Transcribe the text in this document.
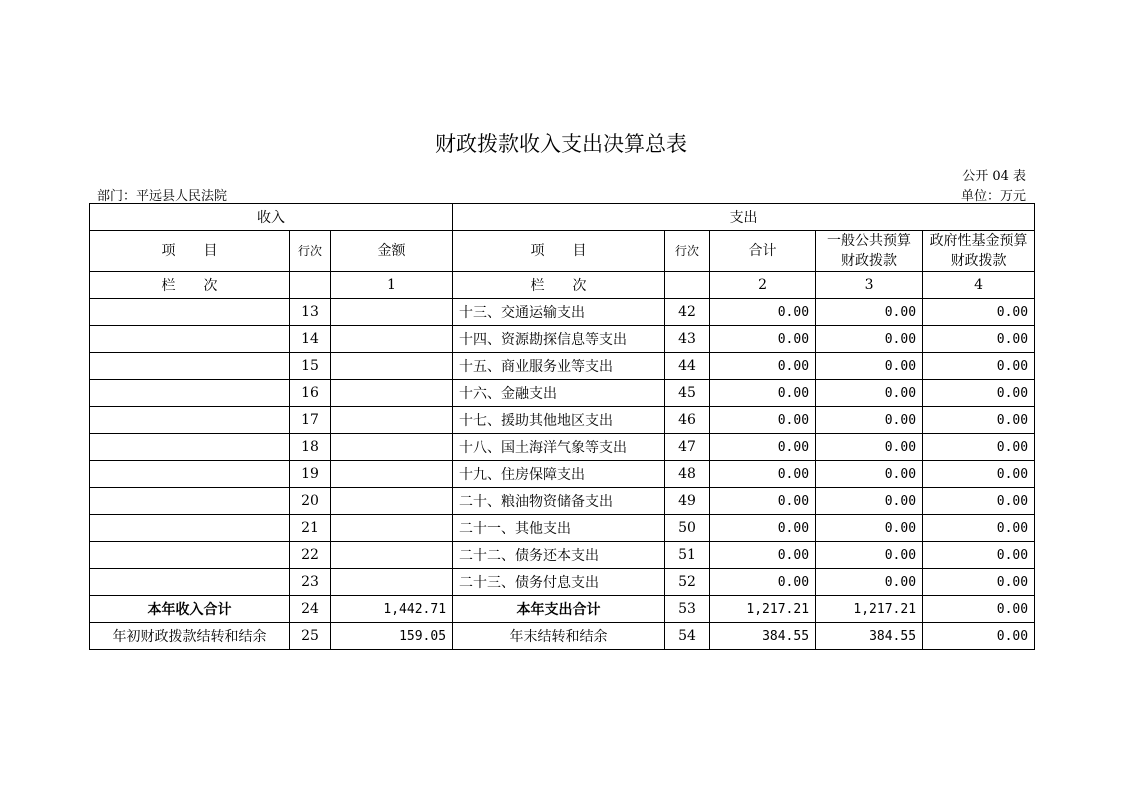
财政拨款收入支出决算总表
公开 04 表
部门：平远县人民法院	单位：万元
收入			支出				
项　　目	行次	金额	项　　目	行次	合计	一般公共预算财政拨款	政府性基金预算财政拨款
栏　　次		1	栏　　次		2	3	4
	13		十三、交通运输支出	42	0.00	0.00	0.00
	14		十四、资源勘探信息等支出	43	0.00	0.00	0.00
	15		十五、商业服务业等支出	44	0.00	0.00	0.00
	16		十六、金融支出	45	0.00	0.00	0.00
	17		十七、援助其他地区支出	46	0.00	0.00	0.00
	18		十八、国土海洋气象等支出	47	0.00	0.00	0.00
	19		十九、住房保障支出	48	0.00	0.00	0.00
	20		二十、粮油物资储备支出	49	0.00	0.00	0.00
	21		二十一、其他支出	50	0.00	0.00	0.00
	22		二十二、债务还本支出	51	0.00	0.00	0.00
	23		二十三、债务付息支出	52	0.00	0.00	0.00
本年收入合计	24	1,442.71	本年支出合计	53	1,217.21	1,217.21	0.00
年初财政拨款结转和结余	25	159.05	年末结转和结余	54	384.55	384.55	0.00
